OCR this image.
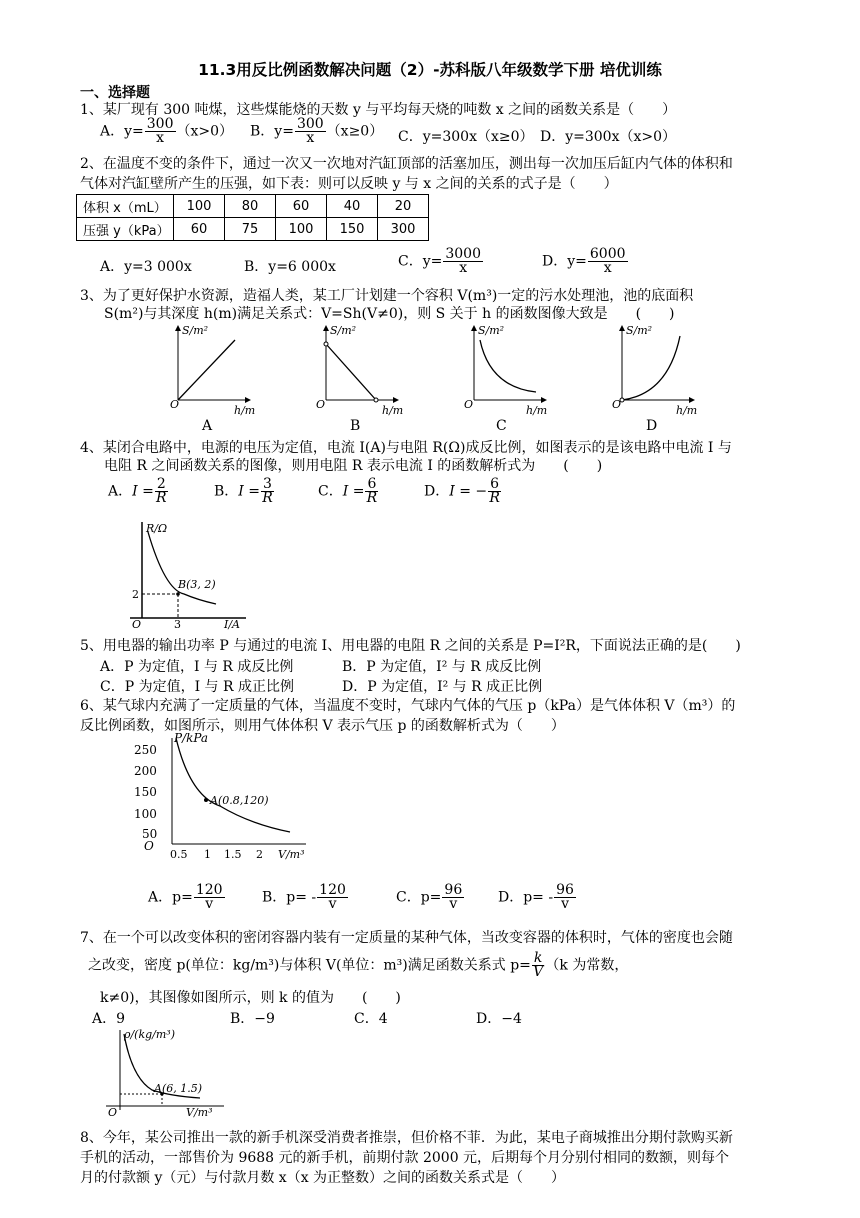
11.3用反比例函数解决问题（2）-苏科版八年级数学下册 培优训练
一、选择题
1、某厂现有 300 吨煤，这些煤能烧的天数 y 与平均每天烧的吨数 x 之间的函数关系是（　　）
A．$y= \frac{300}{x} (x>0)$ B．$y= \frac{300}{x} (x\ge 0)$ C．y=300x（x≥0） D．y=300x（x>0）
2、在温度不变的条件下，通过一次又一次地对汽缸顶部的活塞加压，测出每一次加压后缸内气体的体积和
气体对汽缸壁所产生的压强，如下表：则可以反映 y 与 x 之间的关系的式子是（　　）
体积 x（mL）	100	80	60	40	20
压强 y（kPa）	60	75	100	150	300
A．y=3 000x	B．y=6 000x	C．$y= \frac{3000}{x}$	D．$y= \frac{6000}{x}$
3、为了更好保护水资源，造福人类，某工厂计划建一个容积 V(m³)一定的污水处理池，池的底面积
S(m²)与其深度 h(m)满足关系式：V=Sh(V≠0)，则 S 关于 h 的函数图像大致是　　(　　)
S/m²
O	h/m
A
S/m²
O	h/m
B
S/m²
O	h/m
C
S/m²
O	h/m
D
4、某闭合电路中，电源的电压为定值，电流 I(A)与电阻 R(Ω)成反比例，如图表示的是该电路中电流 I 与
电阻 R 之间函数关系的图像，则用电阻 R 表示电流 I 的函数解析式为　　(　　)
A．$I = \frac{2}{R}$	B．$I = \frac{3}{R}$	C．$I = \frac{6}{R}$	D．I = − $\frac{6}{R}$
R/Ω
B(3, 2)
2
3
O	I/A
5、用电器的输出功率 P 与通过的电流 I、用电器的电阻 R 之间的关系是 P=I²R，下面说法正确的是(　　)
A．P 为定值，I 与 R 成反比例	B．P 为定值，I² 与 R 成反比例
C．P 为定值，I 与 R 成正比例	D．P 为定值，I² 与 R 成正比例
6、某气球内充满了一定质量的气体，当温度不变时，气球内气体的气压 p（kPa）是气体体积 V（m³）的
反比例函数，如图所示，则用气体体积 V 表示气压 p 的函数解析式为（　　）
P/kPa
250
200
150
100
50
A(0.8,120)
O
0.5 1 1.5 2 V/m³
A．$p= \frac{120}{v}$	B．$p= - \frac{120}{v}$	C．$p= \frac{96}{v}$ D．$p= - \frac{96}{v}$
7、在一个可以改变体积的密闭容器内装有一定质量的某种气体，当改变容器的体积时，气体的密度也会随
之改变，密度 p(单位：kg/m³)与体积 V(单位：m³)满足函数关系式 $p= \frac{k}{V} (k$ 为常数，
k≠0)，其图像如图所示，则 k 的值为　　(　　)
A．9	B．−9	C．4	D．−4
ρ/(kg/m³)
A(6, 1.5)
O	V/m³
8、今年，某公司推出一款的新手机深受消费者推崇，但价格不菲．为此，某电子商城推出分期付款购买新
手机的活动，一部售价为 9688 元的新手机，前期付款 2000 元，后期每个月分别付相同的数额，则每个
月的付款额 y（元）与付款月数 x（x 为正整数）之间的函数关系式是（　　）
